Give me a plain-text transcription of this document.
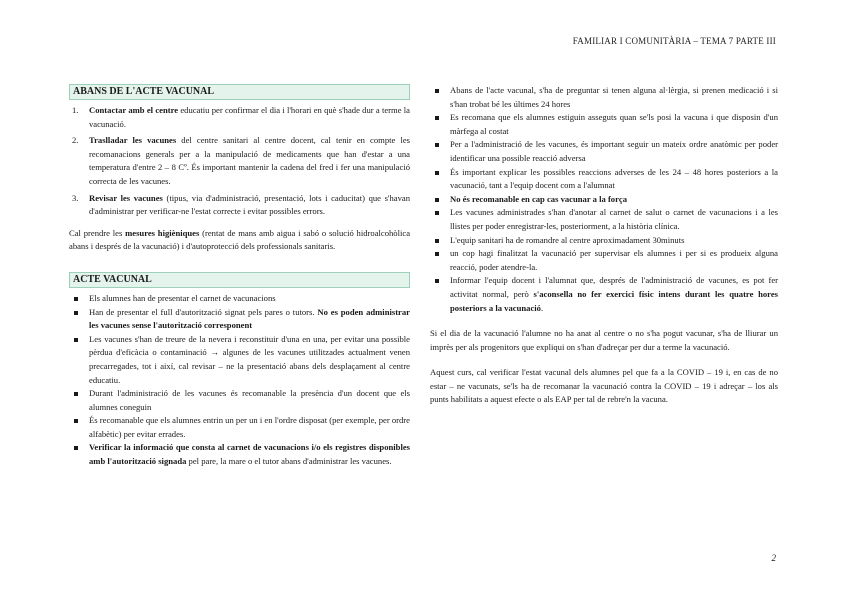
FAMILIAR I COMUNITÀRIA – TEMA 7 PARTE III
ABANS DE L'ACTE VACUNAL
1. Contactar amb el centre educatiu per confirmar el dia i l'horari en què s'hade dur a terme la vacunació.
2. Traslladar les vacunes del centre sanitari al centre docent, cal tenir en compte les recomanacions generals per a la manipulació de medicaments que han d'estar a una temperatura d'entre 2 – 8 Cº. És important mantenir la cadena del fred i fer una manipulació correcta de les vacunes.
3. Revisar les vacunes (tipus, via d'administració, presentació, lots i caducitat) que s'havan d'administrar per verificar-ne l'estat correcte i evitar possibles errors.

Cal prendre les mesures higièniques (rentat de mans amb aigua i sabó o solució hidroalcohòlica abans i després de la vacunació) i d'autoprotecció dels professionals sanitaris.

ACTE VACUNAL
Els alumnes han de presentar el carnet de vacunacions
Han de presentar el full d'autorització signat pels pares o tutors. No es poden administrar les vacunes sense l'autorització corresponent
Les vacunes s'han de treure de la nevera i reconstituir d'una en una, per evitar una possible pèrdua d'eficàcia o contaminació → algunes de les vacunes utilitzades actualment venen precarregades, tot i així, cal revisar – ne la presentació abans dels desplaçament al centre educatiu.
Durant l'administració de les vacunes és recomanable la presència d'un docent que els alumnes coneguin
És recomanable que els alumnes entrin un per un i en l'ordre disposat (per exemple, per ordre alfabètic) per evitar errades.
Verificar la informació que consta al carnet de vacunacions i/o els registres disponibles amb l'autorització signada pel pare, la mare o el tutor abans d'administrar les vacunes.
Abans de l'acte vacunal, s'ha de preguntar si tenen alguna al·lèrgia, si prenen medicació i si s'han trobat bé les últimes 24 hores
Es recomana que els alumnes estiguin asseguts quan se'ls posi la vacuna i que disposin d'un màrfega al costat
Per a l'administració de les vacunes, és important seguir un mateix ordre anatòmic per poder identificar una possible reacció adversa
És important explicar les possibles reaccions adverses de les 24 – 48 hores posteriors a la vacunació, tant a l'equip docent com a l'alumnat
No és recomanable en cap cas vacunar a la força
Les vacunes administrades s'han d'anotar al carnet de salut o carnet de vacunacions i a les llistes per poder enregistrar-les, posteriorment, a la història clínica.
L'equip sanitari ha de romandre al centre aproximadament 30minuts
un cop hagi finalitzat la vacunació per supervisar els alumnes i per si es produeix alguna reacció, poder atendre-la.
Informar l'equip docent i l'alumnat que, després de l'administració de vacunes, es pot fer activitat normal, però s'aconsella no fer exercici físic intens durant les quatre hores posteriors a la vacunació.

Si el dia de la vacunació l'alumne no ha anat al centre o no s'ha pogut vacunar, s'ha de lliurar un imprès per als progenitors que expliqui on s'han d'adreçar per dur a terme la vacunació.

Aquest curs, cal verificar l'estat vacunal dels alumnes pel que fa a la COVID – 19 i, en cas de no estar – ne vacunats, se'ls ha de recomanar la vacunació contra la COVID – 19 i adreçar – los als punts habilitats a aquest efecte o als EAP per tal de rebre'n la vacuna.

2
